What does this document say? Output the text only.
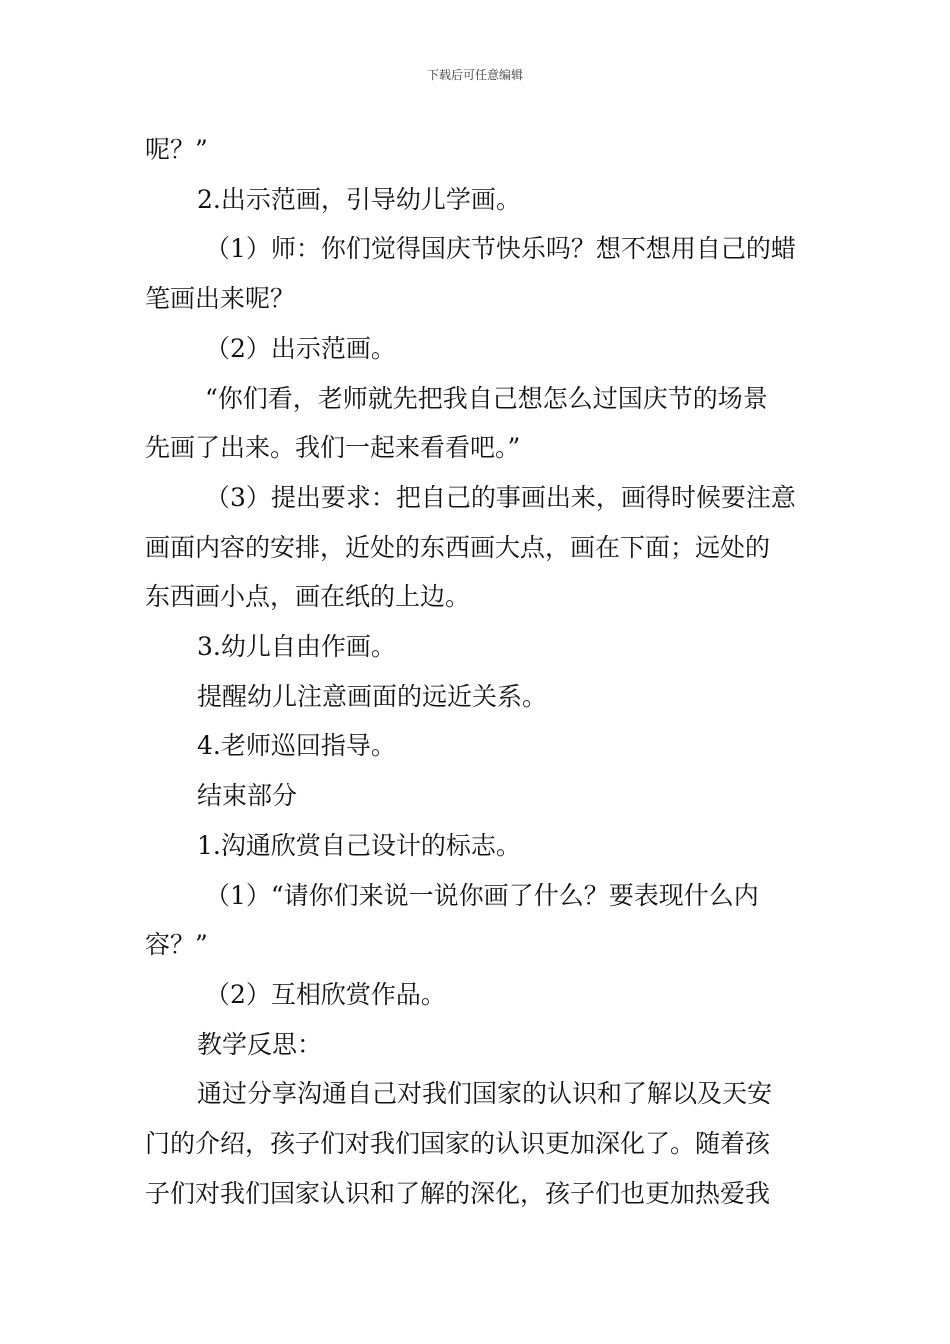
下载后可任意编辑
呢？”
2.出示范画，引导幼儿学画。
（1）师：你们觉得国庆节快乐吗？想不想用自己的蜡
笔画出来呢？
（2）出示范画。
“你们看，老师就先把我自己想怎么过国庆节的场景
先画了出来。我们一起来看看吧。”
（3）提出要求：把自己的事画出来，画得时候要注意
画面内容的安排，近处的东西画大点，画在下面；远处的
东西画小点，画在纸的上边。
3.幼儿自由作画。
提醒幼儿注意画面的远近关系。
4.老师巡回指导。
结束部分
1.沟通欣赏自己设计的标志。
（1）“请你们来说一说你画了什么？要表现什么内
容？”
（2）互相欣赏作品。
教学反思：
通过分享沟通自己对我们国家的认识和了解以及天安
门的介绍，孩子们对我们国家的认识更加深化了。随着孩
子们对我们国家认识和了解的深化，孩子们也更加热爱我
